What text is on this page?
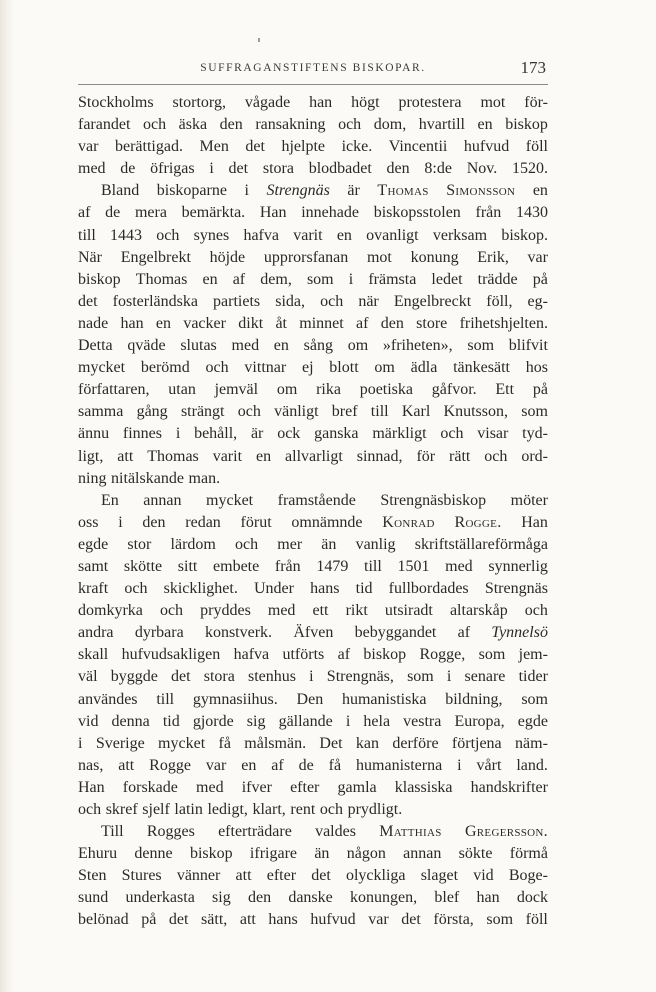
SUFFRAGANSTIFTENS BISKOPAR.	173
Stockholms stortorg, vågade han högt protestera mot för-
farandet och äska den ransakning och dom, hvartill en biskop
var berättigad. Men det hjelpte icke. Vincentii hufvud föll
med de öfrigas i det stora blodbadet den 8:de Nov. 1520.
Bland biskoparne i Strengnäs är Thomas Simonsson en
af de mera bemärkta. Han innehade biskopsstolen från 1430
till 1443 och synes hafva varit en ovanligt verksam biskop.
När Engelbrekt höjde upprorsfanan mot konung Erik, var
biskop Thomas en af dem, som i främsta ledet trädde på
det fosterländska partiets sida, och när Engelbreckt föll, eg-
nade han en vacker dikt åt minnet af den store frihetshjelten.
Detta qväde slutas med en sång om »friheten», som blifvit
mycket berömd och vittnar ej blott om ädla tänkesätt hos
författaren, utan jemväl om rika poetiska gåfvor. Ett på
samma gång strängt och vänligt bref till Karl Knutsson, som
ännu finnes i behåll, är ock ganska märkligt och visar tyd-
ligt, att Thomas varit en allvarligt sinnad, för rätt och ord-
ning nitälskande man.
En annan mycket framstående Strengnäsbiskop möter
oss i den redan förut omnämnde Konrad Rogge. Han
egde stor lärdom och mer än vanlig skriftställareförmåga
samt skötte sitt embete från 1479 till 1501 med synnerlig
kraft och skicklighet. Under hans tid fullbordades Strengnäs
domkyrka och pryddes med ett rikt utsiradt altarskåp och
andra dyrbara konstverk. Äfven bebyggandet af Tynnelsö
skall hufvudsakligen hafva utförts af biskop Rogge, som jem-
väl byggde det stora stenhus i Strengnäs, som i senare tider
användes till gymnasiihus. Den humanistiska bildning, som
vid denna tid gjorde sig gällande i hela vestra Europa, egde
i Sverige mycket få målsmän. Det kan derföre förtjena näm-
nas, att Rogge var en af de få humanisterna i vårt land.
Han forskade med ifver efter gamla klassiska handskrifter
och skref sjelf latin ledigt, klart, rent och prydligt.
Till Rogges efterträdare valdes Matthias Gregersson.
Ehuru denne biskop ifrigare än någon annan sökte förmå
Sten Stures vänner att efter det olyckliga slaget vid Boge-
sund underkasta sig den danske konungen, blef han dock
belönad på det sätt, att hans hufvud var det första, som föll
